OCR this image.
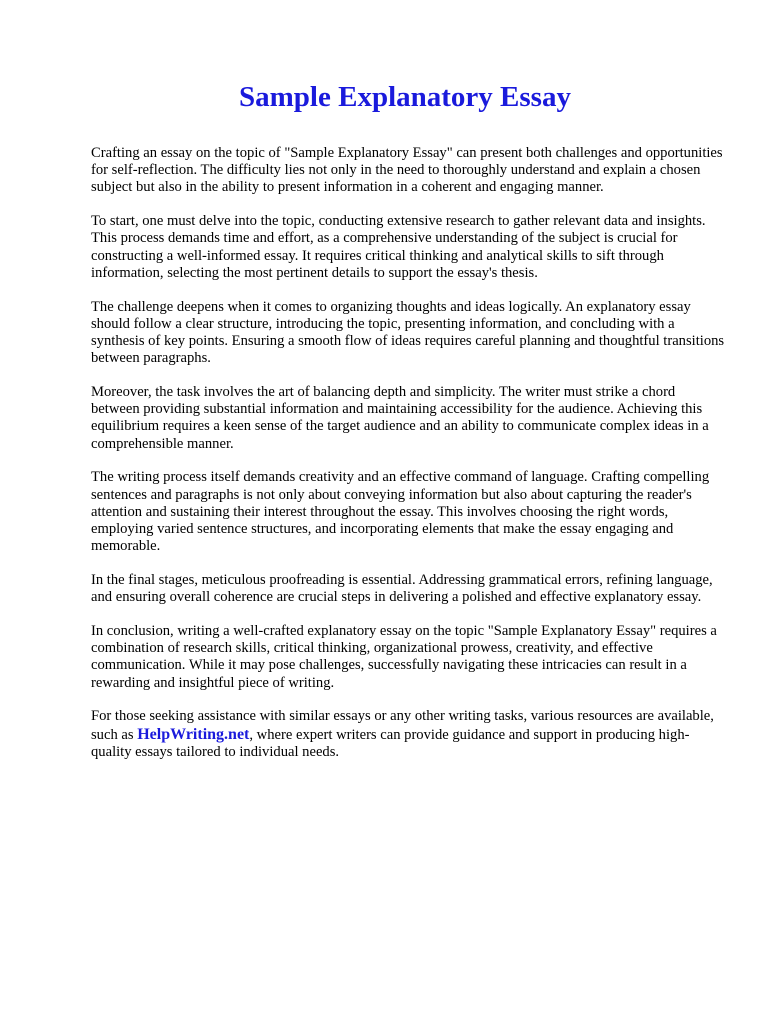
Sample Explanatory Essay

Crafting an essay on the topic of "Sample Explanatory Essay" can present both challenges and opportunities for self-reflection. The difficulty lies not only in the need to thoroughly understand and explain a chosen subject but also in the ability to present information in a coherent and engaging manner.

To start, one must delve into the topic, conducting extensive research to gather relevant data and insights. This process demands time and effort, as a comprehensive understanding of the subject is crucial for constructing a well-informed essay. It requires critical thinking and analytical skills to sift through information, selecting the most pertinent details to support the essay's thesis.

The challenge deepens when it comes to organizing thoughts and ideas logically. An explanatory essay should follow a clear structure, introducing the topic, presenting information, and concluding with a synthesis of key points. Ensuring a smooth flow of ideas requires careful planning and thoughtful transitions between paragraphs.

Moreover, the task involves the art of balancing depth and simplicity. The writer must strike a chord between providing substantial information and maintaining accessibility for the audience. Achieving this equilibrium requires a keen sense of the target audience and an ability to communicate complex ideas in a comprehensible manner.

The writing process itself demands creativity and an effective command of language. Crafting compelling sentences and paragraphs is not only about conveying information but also about capturing the reader's attention and sustaining their interest throughout the essay. This involves choosing the right words, employing varied sentence structures, and incorporating elements that make the essay engaging and memorable.

In the final stages, meticulous proofreading is essential. Addressing grammatical errors, refining language, and ensuring overall coherence are crucial steps in delivering a polished and effective explanatory essay.

In conclusion, writing a well-crafted explanatory essay on the topic "Sample Explanatory Essay" requires a combination of research skills, critical thinking, organizational prowess, creativity, and effective communication. While it may pose challenges, successfully navigating these intricacies can result in a rewarding and insightful piece of writing.

For those seeking assistance with similar essays or any other writing tasks, various resources are available, such as HelpWriting.net, where expert writers can provide guidance and support in producing high-quality essays tailored to individual needs.
